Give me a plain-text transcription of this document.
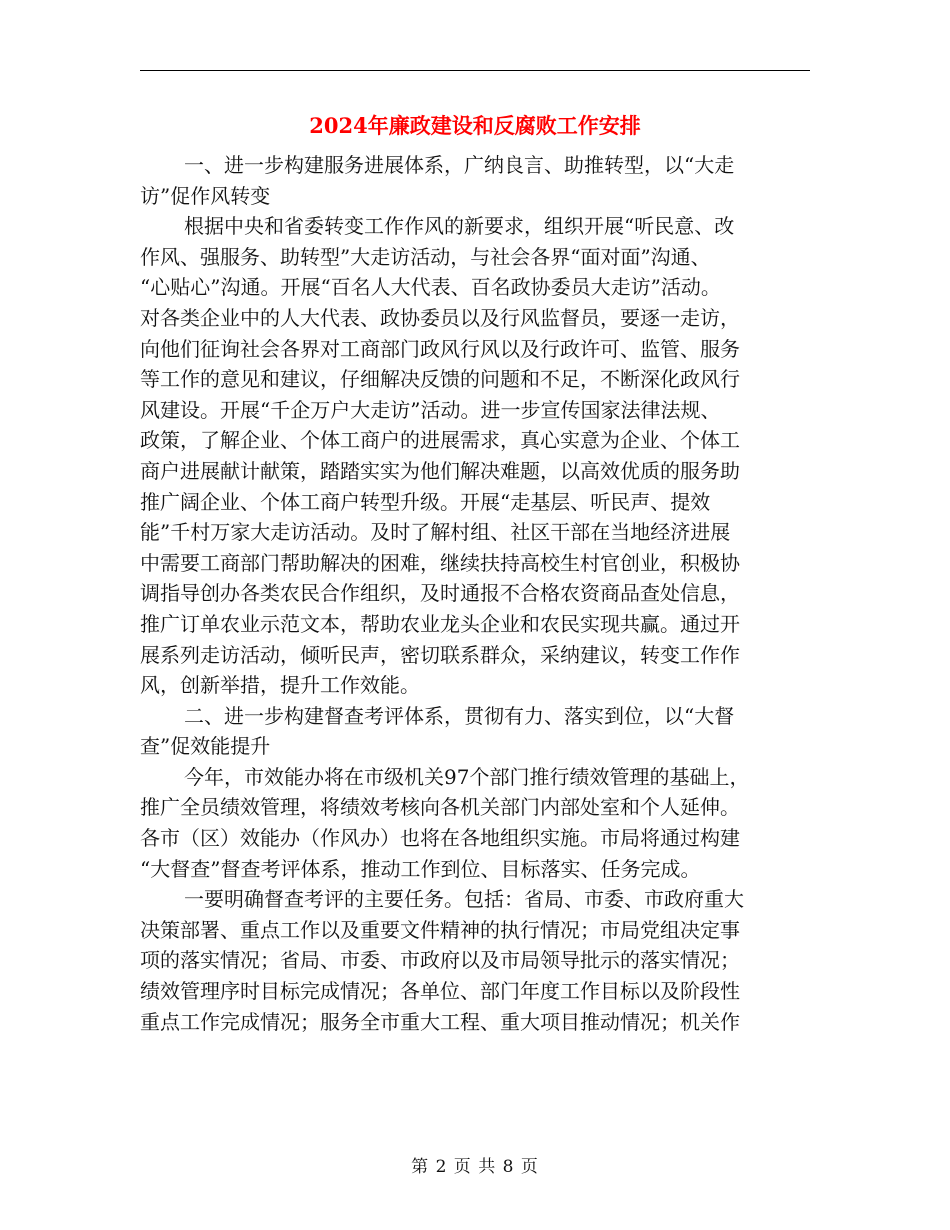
2024年廉政建设和反腐败工作安排
一、进一步构建服务进展体系，广纳良言、助推转型，以“大走
访”促作风转变
根据中央和省委转变工作作风的新要求，组织开展“听民意、改
作风、强服务、助转型”大走访活动，与社会各界“面对面”沟通、
“心贴心”沟通。开展“百名人大代表、百名政协委员大走访”活动。
对各类企业中的人大代表、政协委员以及行风监督员，要逐一走访，
向他们征询社会各界对工商部门政风行风以及行政许可、监管、服务
等工作的意见和建议，仔细解决反馈的问题和不足，不断深化政风行
风建设。开展“千企万户大走访”活动。进一步宣传国家法律法规、
政策，了解企业、个体工商户的进展需求，真心实意为企业、个体工
商户进展献计献策，踏踏实实为他们解决难题，以高效优质的服务助
推广阔企业、个体工商户转型升级。开展“走基层、听民声、提效
能”千村万家大走访活动。及时了解村组、社区干部在当地经济进展
中需要工商部门帮助解决的困难，继续扶持高校生村官创业，积极协
调指导创办各类农民合作组织，及时通报不合格农资商品查处信息，
推广订单农业示范文本，帮助农业龙头企业和农民实现共赢。通过开
展系列走访活动，倾听民声，密切联系群众，采纳建议，转变工作作
风，创新举措，提升工作效能。
二、进一步构建督查考评体系，贯彻有力、落实到位，以“大督
查”促效能提升
今年，市效能办将在市级机关97个部门推行绩效管理的基础上，
推广全员绩效管理，将绩效考核向各机关部门内部处室和个人延伸。
各市（区）效能办（作风办）也将在各地组织实施。市局将通过构建
“大督查”督查考评体系，推动工作到位、目标落实、任务完成。
一要明确督查考评的主要任务。包括：省局、市委、市政府重大
决策部署、重点工作以及重要文件精神的执行情况；市局党组决定事
项的落实情况；省局、市委、市政府以及市局领导批示的落实情况；
绩效管理序时目标完成情况；各单位、部门年度工作目标以及阶段性
重点工作完成情况；服务全市重大工程、重大项目推动情况；机关作
第 2 页 共 8 页
